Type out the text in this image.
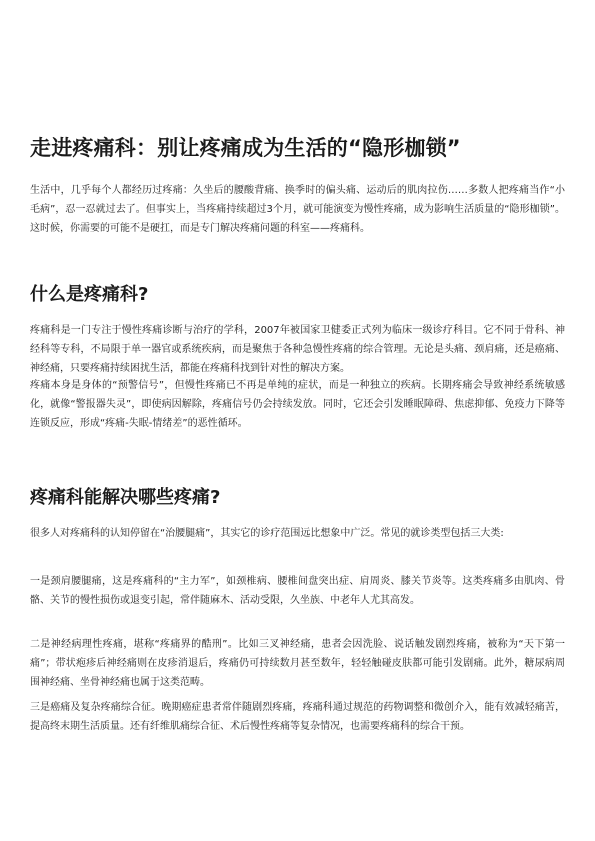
走进疼痛科：别让疼痛成为生活的“隐形枷锁”

生活中，几乎每个人都经历过疼痛：久坐后的腰酸背痛、换季时的偏头痛、运动后的肌肉拉伤……多数人把疼痛当作“小毛病”，忍一忍就过去了。但事实上，当疼痛持续超过3个月，就可能演变为慢性疼痛，成为影响生活质量的“隐形枷锁”。这时候，你需要的可能不是硬扛，而是专门解决疼痛问题的科室——疼痛科。

什么是疼痛科?

疼痛科是一门专注于慢性疼痛诊断与治疗的学科，2007年被国家卫健委正式列为临床一级诊疗科目。它不同于骨科、神经科等专科，不局限于单一器官或系统疾病，而是聚焦于各种急慢性疼痛的综合管理。无论是头痛、颈肩痛，还是癌痛、神经痛，只要疼痛持续困扰生活，都能在疼痛科找到针对性的解决方案。

疼痛本身是身体的“预警信号”，但慢性疼痛已不再是单纯的症状，而是一种独立的疾病。长期疼痛会导致神经系统敏感化，就像“警报器失灵”，即使病因解除，疼痛信号仍会持续发放。同时，它还会引发睡眠障碍、焦虑抑郁、免疫力下降等连锁反应，形成“疼痛-失眠-情绪差”的恶性循环。

疼痛科能解决哪些疼痛?

很多人对疼痛科的认知停留在“治腰腿痛”，其实它的诊疗范围远比想象中广泛。常见的就诊类型包括三大类:

一是颈肩腰腿痛，这是疼痛科的“主力军”，如颈椎病、腰椎间盘突出症、肩周炎、膝关节炎等。这类疼痛多由肌肉、骨骼、关节的慢性损伤或退变引起，常伴随麻木、活动受限，久坐族、中老年人尤其高发。

二是神经病理性疼痛，堪称“疼痛界的酷刑”。比如三叉神经痛，患者会因洗脸、说话触发剧烈疼痛，被称为“天下第一痛”；带状疱疹后神经痛则在皮疹消退后，疼痛仍可持续数月甚至数年，轻轻触碰皮肤都可能引发剧痛。此外，糖尿病周围神经痛、坐骨神经痛也属于这类范畴。

三是癌痛及复杂疼痛综合征。晚期癌症患者常伴随剧烈疼痛，疼痛科通过规范的药物调整和微创介入，能有效减轻痛苦，提高终末期生活质量。还有纤维肌痛综合征、术后慢性疼痛等复杂情况，也需要疼痛科的综合干预。
